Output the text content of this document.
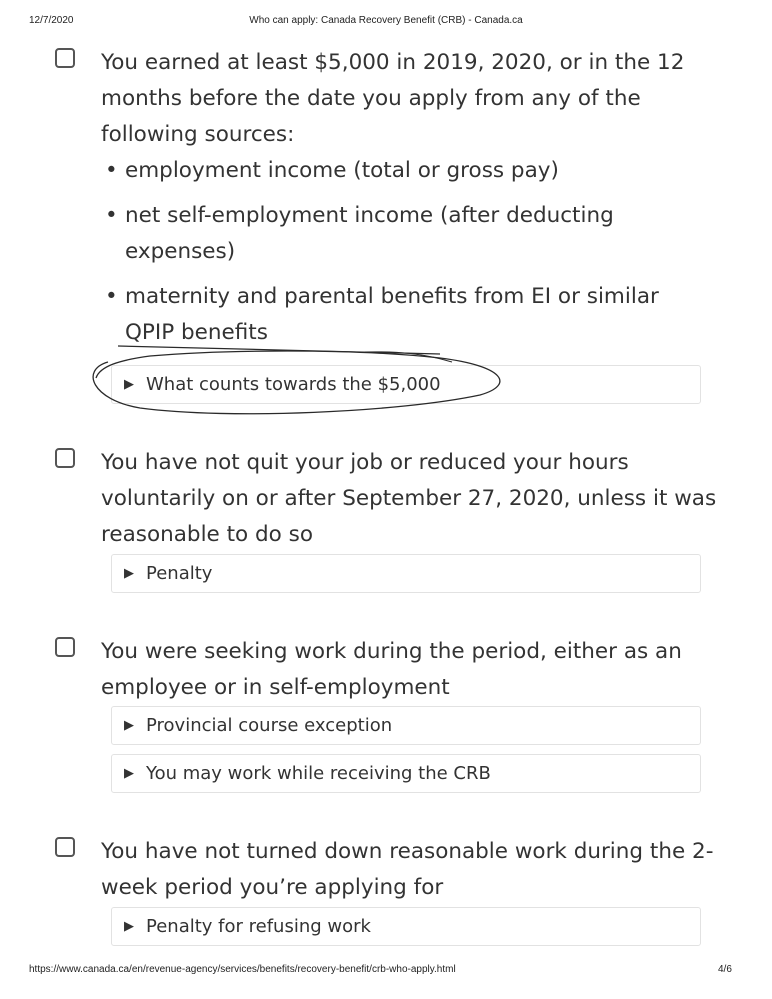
12/7/2020	Who can apply: Canada Recovery Benefit (CRB) - Canada.ca
You earned at least $5,000 in 2019, 2020, or in the 12 months before the date you apply from any of the following sources:
• employment income (total or gross pay)
• net self-employment income (after deducting expenses)
• maternity and parental benefits from EI or similar QPIP benefits
▶ What counts towards the $5,000
You have not quit your job or reduced your hours voluntarily on or after September 27, 2020, unless it was reasonable to do so
▶ Penalty
You were seeking work during the period, either as an employee or in self-employment
▶ Provincial course exception
▶ You may work while receiving the CRB
You have not turned down reasonable work during the 2-week period you’re applying for
▶ Penalty for refusing work
https://www.canada.ca/en/revenue-agency/services/benefits/recovery-benefit/crb-who-apply.html	4/6
